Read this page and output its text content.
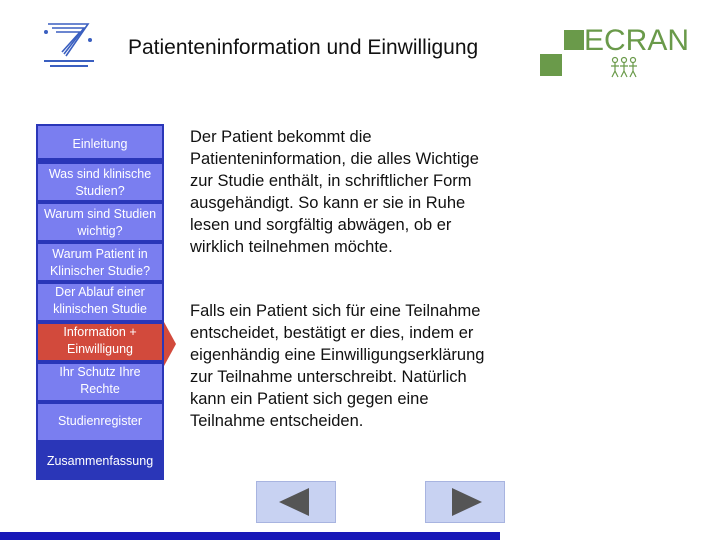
Patienteninformation und Einwilligung	ECRAN
Einleitung
Was sind klinische Studien?
Warum sind Studien wichtig?
Warum Patient in Klinischer Studie?
Der Ablauf einer klinischen Studie
Information + Einwilligung
Ihr Schutz Ihre Rechte
Studienregister
Zusammenfassung
Der Patient bekommt die Patienteninformation, die alles Wichtige zur Studie enthält, in schriftlicher Form ausgehändigt. So kann er sie in Ruhe lesen und sorgfältig abwägen, ob er wirklich teilnehmen möchte.
Falls ein Patient sich für eine Teilnahme entscheidet, bestätigt er dies, indem er eigenhändig eine Einwilligungserklärung zur Teilnahme unterschreibt. Natürlich kann ein Patient sich gegen eine Teilnahme entscheiden.
